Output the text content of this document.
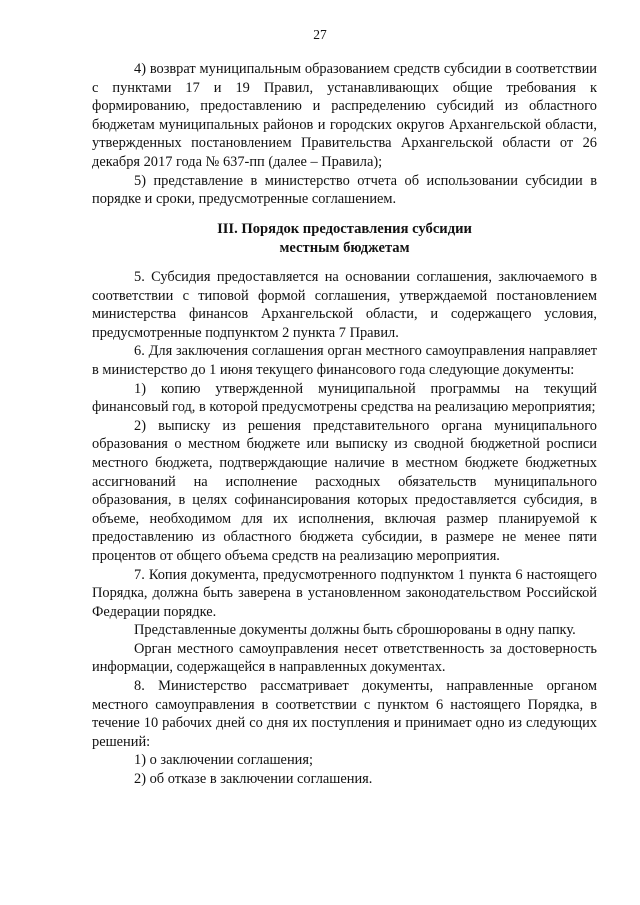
27

4) возврат муниципальным образованием средств субсидии в соответствии с пунктами 17 и 19 Правил, устанавливающих общие требования к формированию, предоставлению и распределению субсидий из областного бюджетам муниципальных районов и городских округов Архангельской области, утвержденных постановлением Правительства Архангельской области от 26 декабря 2017 года № 637-пп (далее – Правила);

5) представление в министерство отчета об использовании субсидии в порядке и сроки, предусмотренные соглашением.

III. Порядок предоставления субсидии
местным бюджетам

5. Субсидия предоставляется на основании соглашения, заключаемого в соответствии с типовой формой соглашения, утверждаемой постановлением министерства финансов Архангельской области, и содержащего условия, предусмотренные подпунктом 2 пункта 7 Правил.

6. Для заключения соглашения орган местного самоуправления направляет в министерство до 1 июня текущего финансового года следующие документы:

1) копию утвержденной муниципальной программы на текущий финансовый год, в которой предусмотрены средства на реализацию мероприятия;

2) выписку из решения представительного органа муниципального образования о местном бюджете или выписку из сводной бюджетной росписи местного бюджета, подтверждающие наличие в местном бюджете бюджетных ассигнований на исполнение расходных обязательств муниципального образования, в целях софинансирования которых предоставляется субсидия, в объеме, необходимом для их исполнения, включая размер планируемой к предоставлению из областного бюджета субсидии, в размере не менее пяти процентов от общего объема средств на реализацию мероприятия.

7. Копия документа, предусмотренного подпунктом 1 пункта 6 настоящего Порядка, должна быть заверена в установленном законодательством Российской Федерации порядке.

Представленные документы должны быть сброшюрованы в одну папку.

Орган местного самоуправления несет ответственность за достоверность информации, содержащейся в направленных документах.

8. Министерство рассматривает документы, направленные органом местного самоуправления в соответствии с пунктом 6 настоящего Порядка, в течение 10 рабочих дней со дня их поступления и принимает одно из следующих решений:

1) о заключении соглашения;

2) об отказе в заключении соглашения.
